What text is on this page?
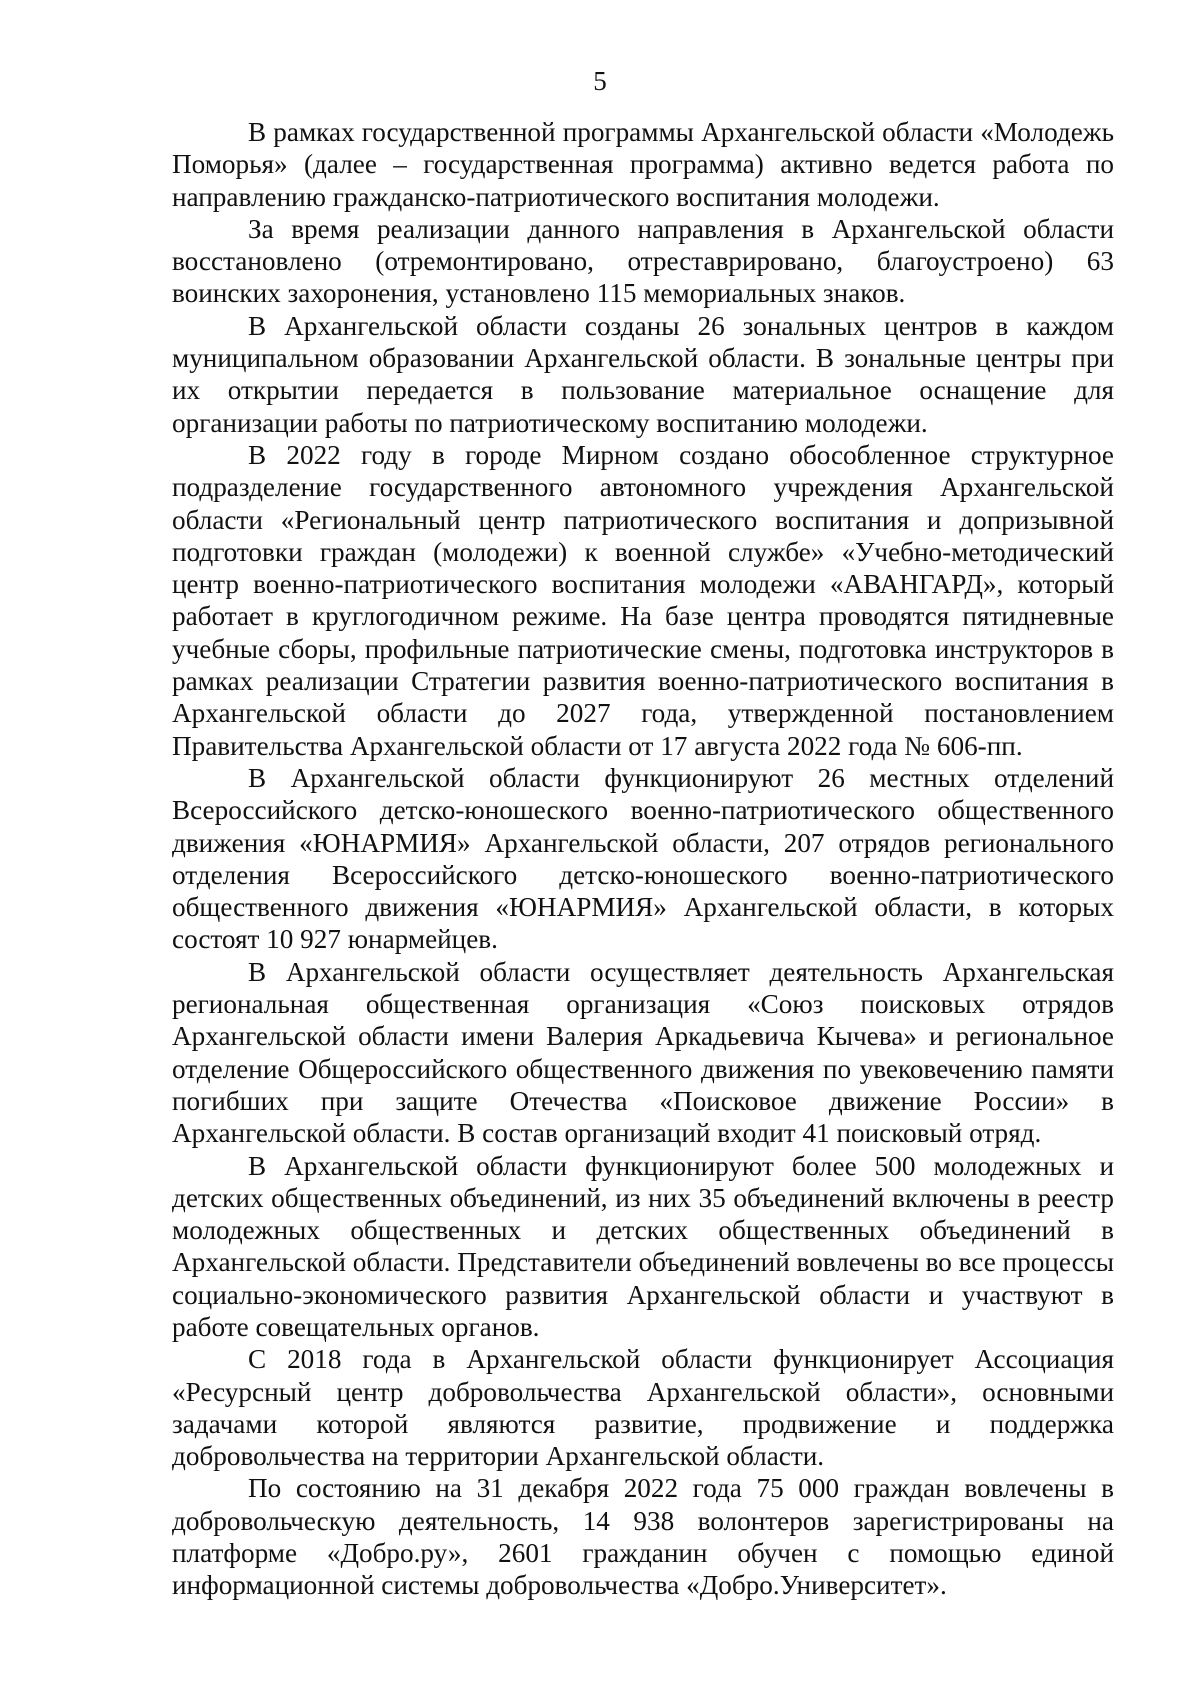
5

В рамках государственной программы Архангельской области «Молодежь Поморья» (далее – государственная программа) активно ведется работа по направлению гражданско-патриотического воспитания молодежи.

За время реализации данного направления в Архангельской области восстановлено (отремонтировано, отреставрировано, благоустроено) 63 воинских захоронения, установлено 115 мемориальных знаков.

В Архангельской области созданы 26 зональных центров в каждом муниципальном образовании Архангельской области. В зональные центры при их открытии передается в пользование материальное оснащение для организации работы по патриотическому воспитанию молодежи.

В 2022 году в городе Мирном создано обособленное структурное подразделение государственного автономного учреждения Архангельской области «Региональный центр патриотического воспитания и допризывной подготовки граждан (молодежи) к военной службе» «Учебно-методический центр военно-патриотического воспитания молодежи «АВАНГАРД», который работает в круглогодичном режиме. На базе центра проводятся пятидневные учебные сборы, профильные патриотические смены, подготовка инструкторов в рамках реализации Стратегии развития военно-патриотического воспитания в Архангельской области до 2027 года, утвержденной постановлением Правительства Архангельской области от 17 августа 2022 года № 606-пп.

В Архангельской области функционируют 26 местных отделений Всероссийского детско-юношеского военно-патриотического общественного движения «ЮНАРМИЯ» Архангельской области, 207 отрядов регионального отделения Всероссийского детско-юношеского военно-патриотического общественного движения «ЮНАРМИЯ» Архангельской области, в которых состоят 10 927 юнармейцев.

В Архангельской области осуществляет деятельность Архангельская региональная общественная организация «Союз поисковых отрядов Архангельской области имени Валерия Аркадьевича Кычева» и региональное отделение Общероссийского общественного движения по увековечению памяти погибших при защите Отечества «Поисковое движение России» в Архангельской области. В состав организаций входит 41 поисковый отряд.

В Архангельской области функционируют более 500 молодежных и детских общественных объединений, из них 35 объединений включены в реестр молодежных общественных и детских общественных объединений в Архангельской области. Представители объединений вовлечены во все процессы социально-экономического развития Архангельской области и участвуют в работе совещательных органов.

С 2018 года в Архангельской области функционирует Ассоциация «Ресурсный центр добровольчества Архангельской области», основными задачами которой являются развитие, продвижение и поддержка добровольчества на территории Архангельской области.

По состоянию на 31 декабря 2022 года 75 000 граждан вовлечены в добровольческую деятельность, 14 938 волонтеров зарегистрированы на платформе «Добро.ру», 2601 гражданин обучен с помощью единой информационной системы добровольчества «Добро.Университет».
